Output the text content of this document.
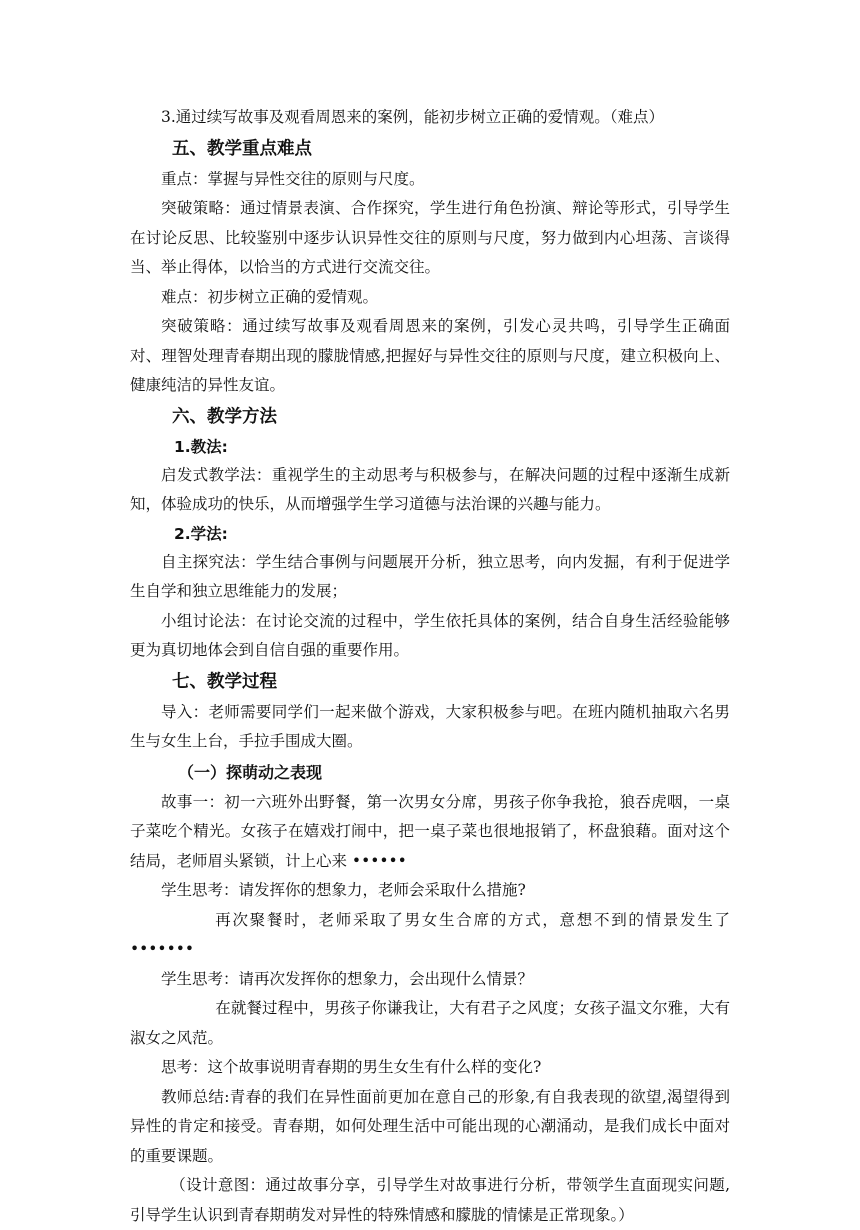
3.通过续写故事及观看周恩来的案例，能初步树立正确的爱情观。（难点）

五、教学重点难点

重点：掌握与异性交往的原则与尺度。

突破策略：通过情景表演、合作探究，学生进行角色扮演、辩论等形式，引导学生在讨论反思、比较鉴别中逐步认识异性交往的原则与尺度，努力做到内心坦荡、言谈得当、举止得体，以恰当的方式进行交流交往。

难点：初步树立正确的爱情观。

突破策略：通过续写故事及观看周恩来的案例，引发心灵共鸣，引导学生正确面对、理智处理青春期出现的朦胧情感,把握好与异性交往的原则与尺度，建立积极向上、健康纯洁的异性友谊。

六、教学方法
1.教法:

启发式教学法：重视学生的主动思考与积极参与，在解决问题的过程中逐渐生成新知，体验成功的快乐，从而增强学生学习道德与法治课的兴趣与能力。

2.学法:

自主探究法：学生结合事例与问题展开分析，独立思考，向内发掘，有利于促进学生自学和独立思维能力的发展；

小组讨论法：在讨论交流的过程中，学生依托具体的案例，结合自身生活经验能够更为真切地体会到自信自强的重要作用。

七、教学过程

导入：老师需要同学们一起来做个游戏，大家积极参与吧。在班内随机抽取六名男生与女生上台，手拉手围成大圈。

（一）探萌动之表现

故事一：初一六班外出野餐，第一次男女分席，男孩子你争我抢，狼吞虎咽，一桌子菜吃个精光。女孩子在嬉戏打闹中，把一桌子菜也很地报销了，杯盘狼藉。面对这个结局，老师眉头紧锁，计上心来 ••••••

学生思考：请发挥你的想象力，老师会采取什么措施?

再次聚餐时，老师采取了男女生合席的方式，意想不到的情景发生了 •••••••

学生思考：请再次发挥你的想象力，会出现什么情景？

在就餐过程中，男孩子你谦我让，大有君子之风度；女孩子温文尔雅，大有淑女之风范。

思考：这个故事说明青春期的男生女生有什么样的变化?

教师总结:青春的我们在异性面前更加在意自己的形象,有自我表现的欲望,渴望得到异性的肯定和接受。青春期，如何处理生活中可能出现的心潮涌动，是我们成长中面对的重要课题。

（设计意图：通过故事分享，引导学生对故事进行分析，带领学生直面现实问题,引导学生认识到青春期萌发对异性的特殊情感和朦胧的情愫是正常现象。）
